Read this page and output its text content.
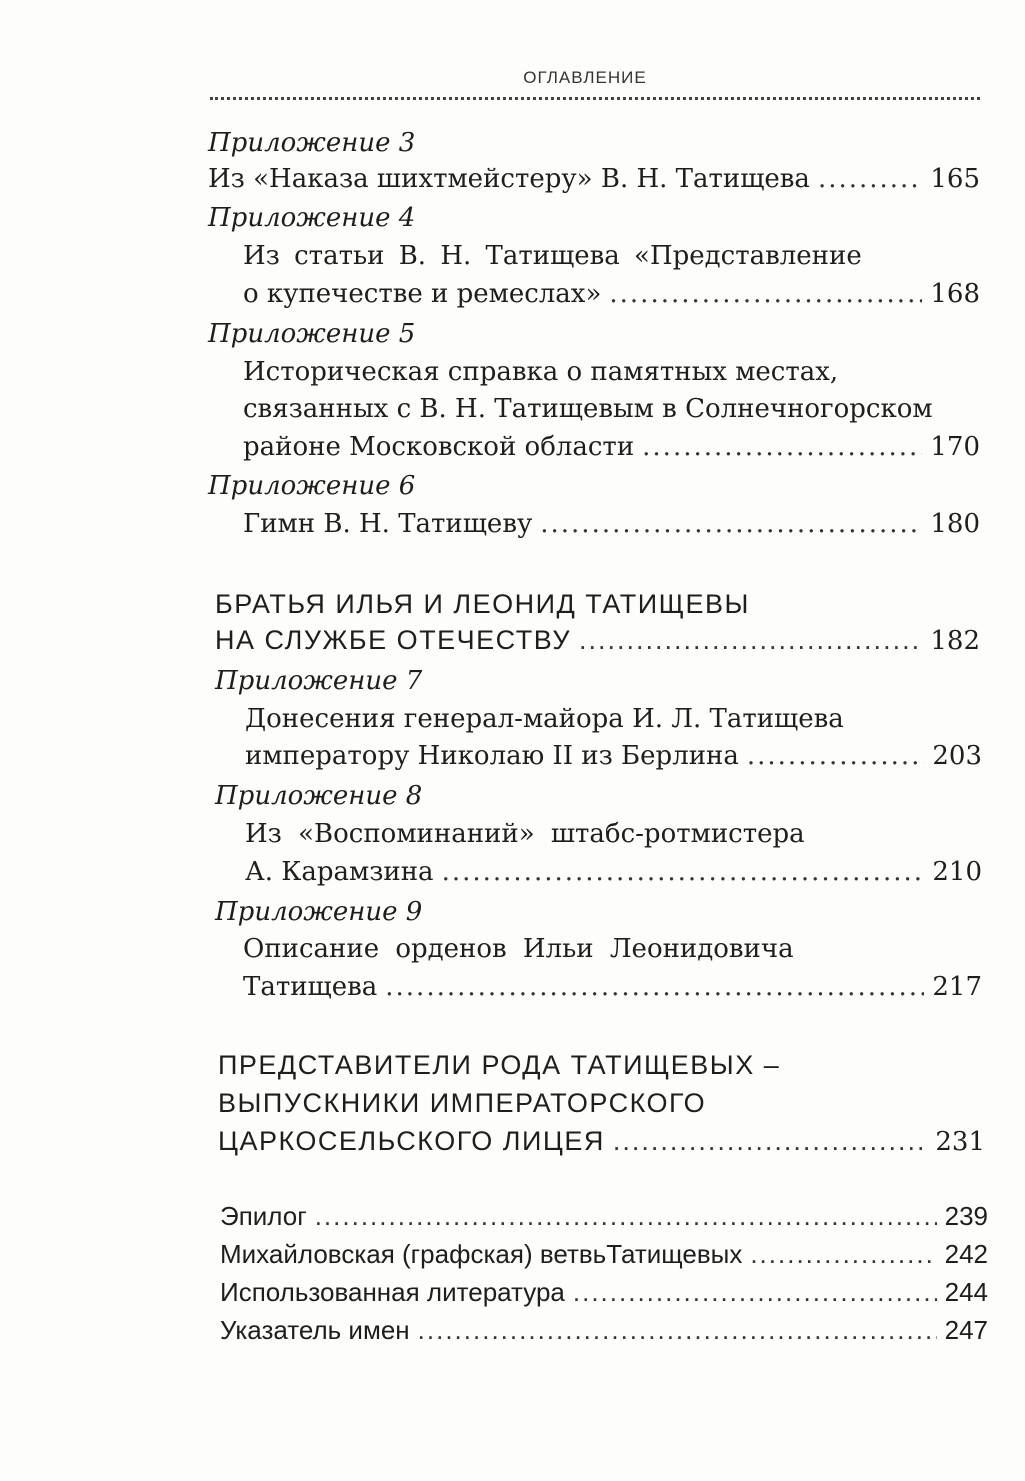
ОГЛАВЛЕНИЕ
Приложение 3
Из «Наказа шихтмейстеру» В. Н. Татищева .....	165
Приложение 4
Из статьи В. Н. Татищева «Представление
о купечестве и ремеслах» .....	168
Приложение 5
Историческая справка о памятных местах,
связанных с В. Н. Татищевым в Солнечногорском
районе Московской области .....	170
Приложение 6
Гимн В. Н. Татищеву .....	180
БРАТЬЯ ИЛЬЯ И ЛЕОНИД ТАТИЩЕВЫ
НА СЛУЖБЕ ОТЕЧЕСТВУ .....	182
Приложение 7
Донесения генерал-майора И. Л. Татищева
императору Николаю II из Берлина .....	203
Приложение 8
Из «Воспоминаний» штабс-ротмистера
А. Карамзина .....	210
Приложение 9
Описание орденов Ильи Леонидовича
Татищева .....	217
ПРЕДСТАВИТЕЛИ РОДА ТАТИЩЕВЫХ –
ВЫПУСКНИКИ ИМПЕРАТОРСКОГО
ЦАРКОСЕЛЬСКОГО ЛИЦЕЯ .....	231
Эпилог .....	239
Михайловская (графская) ветвьТатищевых .....	242
Использованная литература .....	244
Указатель имен .....	247
